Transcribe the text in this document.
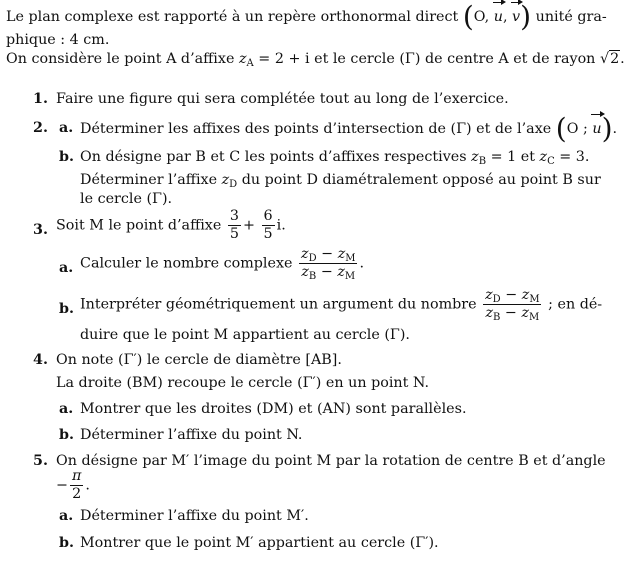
Le plan complexe est rapporté à un repère orthonormal direct (O, u, v) unité gra-
phique : 4 cm.
On considère le point A d’affixe $z_A = 2 + i$ et le cercle (Γ) de centre A et de rayon √2.
1. Faire une figure qui sera complétée tout au long de l’exercice.
2. a. Déterminer les affixes des points d’intersection de (Γ) et de l’axe (O ; u).
b. On désigne par B et C les points d’affixes respectives $z_B = 1$ et $z_C = 3$.
Déterminer l’affixe $z_D$ du point D diamétralement opposé au point B sur
le cercle (Γ).
3. Soit M le point d’affixe $\frac{3}{5} + \frac{6}{5} i$.
a. Calculer le nombre complexe $\frac{z_D - z_M}{z_B - z_M}$ .
b. Interpréter géométriquement un argument du nombre $\frac{z_D - z_M}{z_B - z_M}$ ; en dé-
duire que le point M appartient au cercle (Γ).
4. On note (Γ′) le cercle de diamètre [AB].
La droite (BM) recoupe le cercle (Γ′) en un point N.
a. Montrer que les droites (DM) et (AN) sont parallèles.
b. Déterminer l’affixe du point N.
5. On désigne par M′ l’image du point M par la rotation de centre B et d’angle
− $\frac{\pi}{2}$ .
a. Déterminer l’affixe du point M′.
b. Montrer que le point M′ appartient au cercle (Γ′).
